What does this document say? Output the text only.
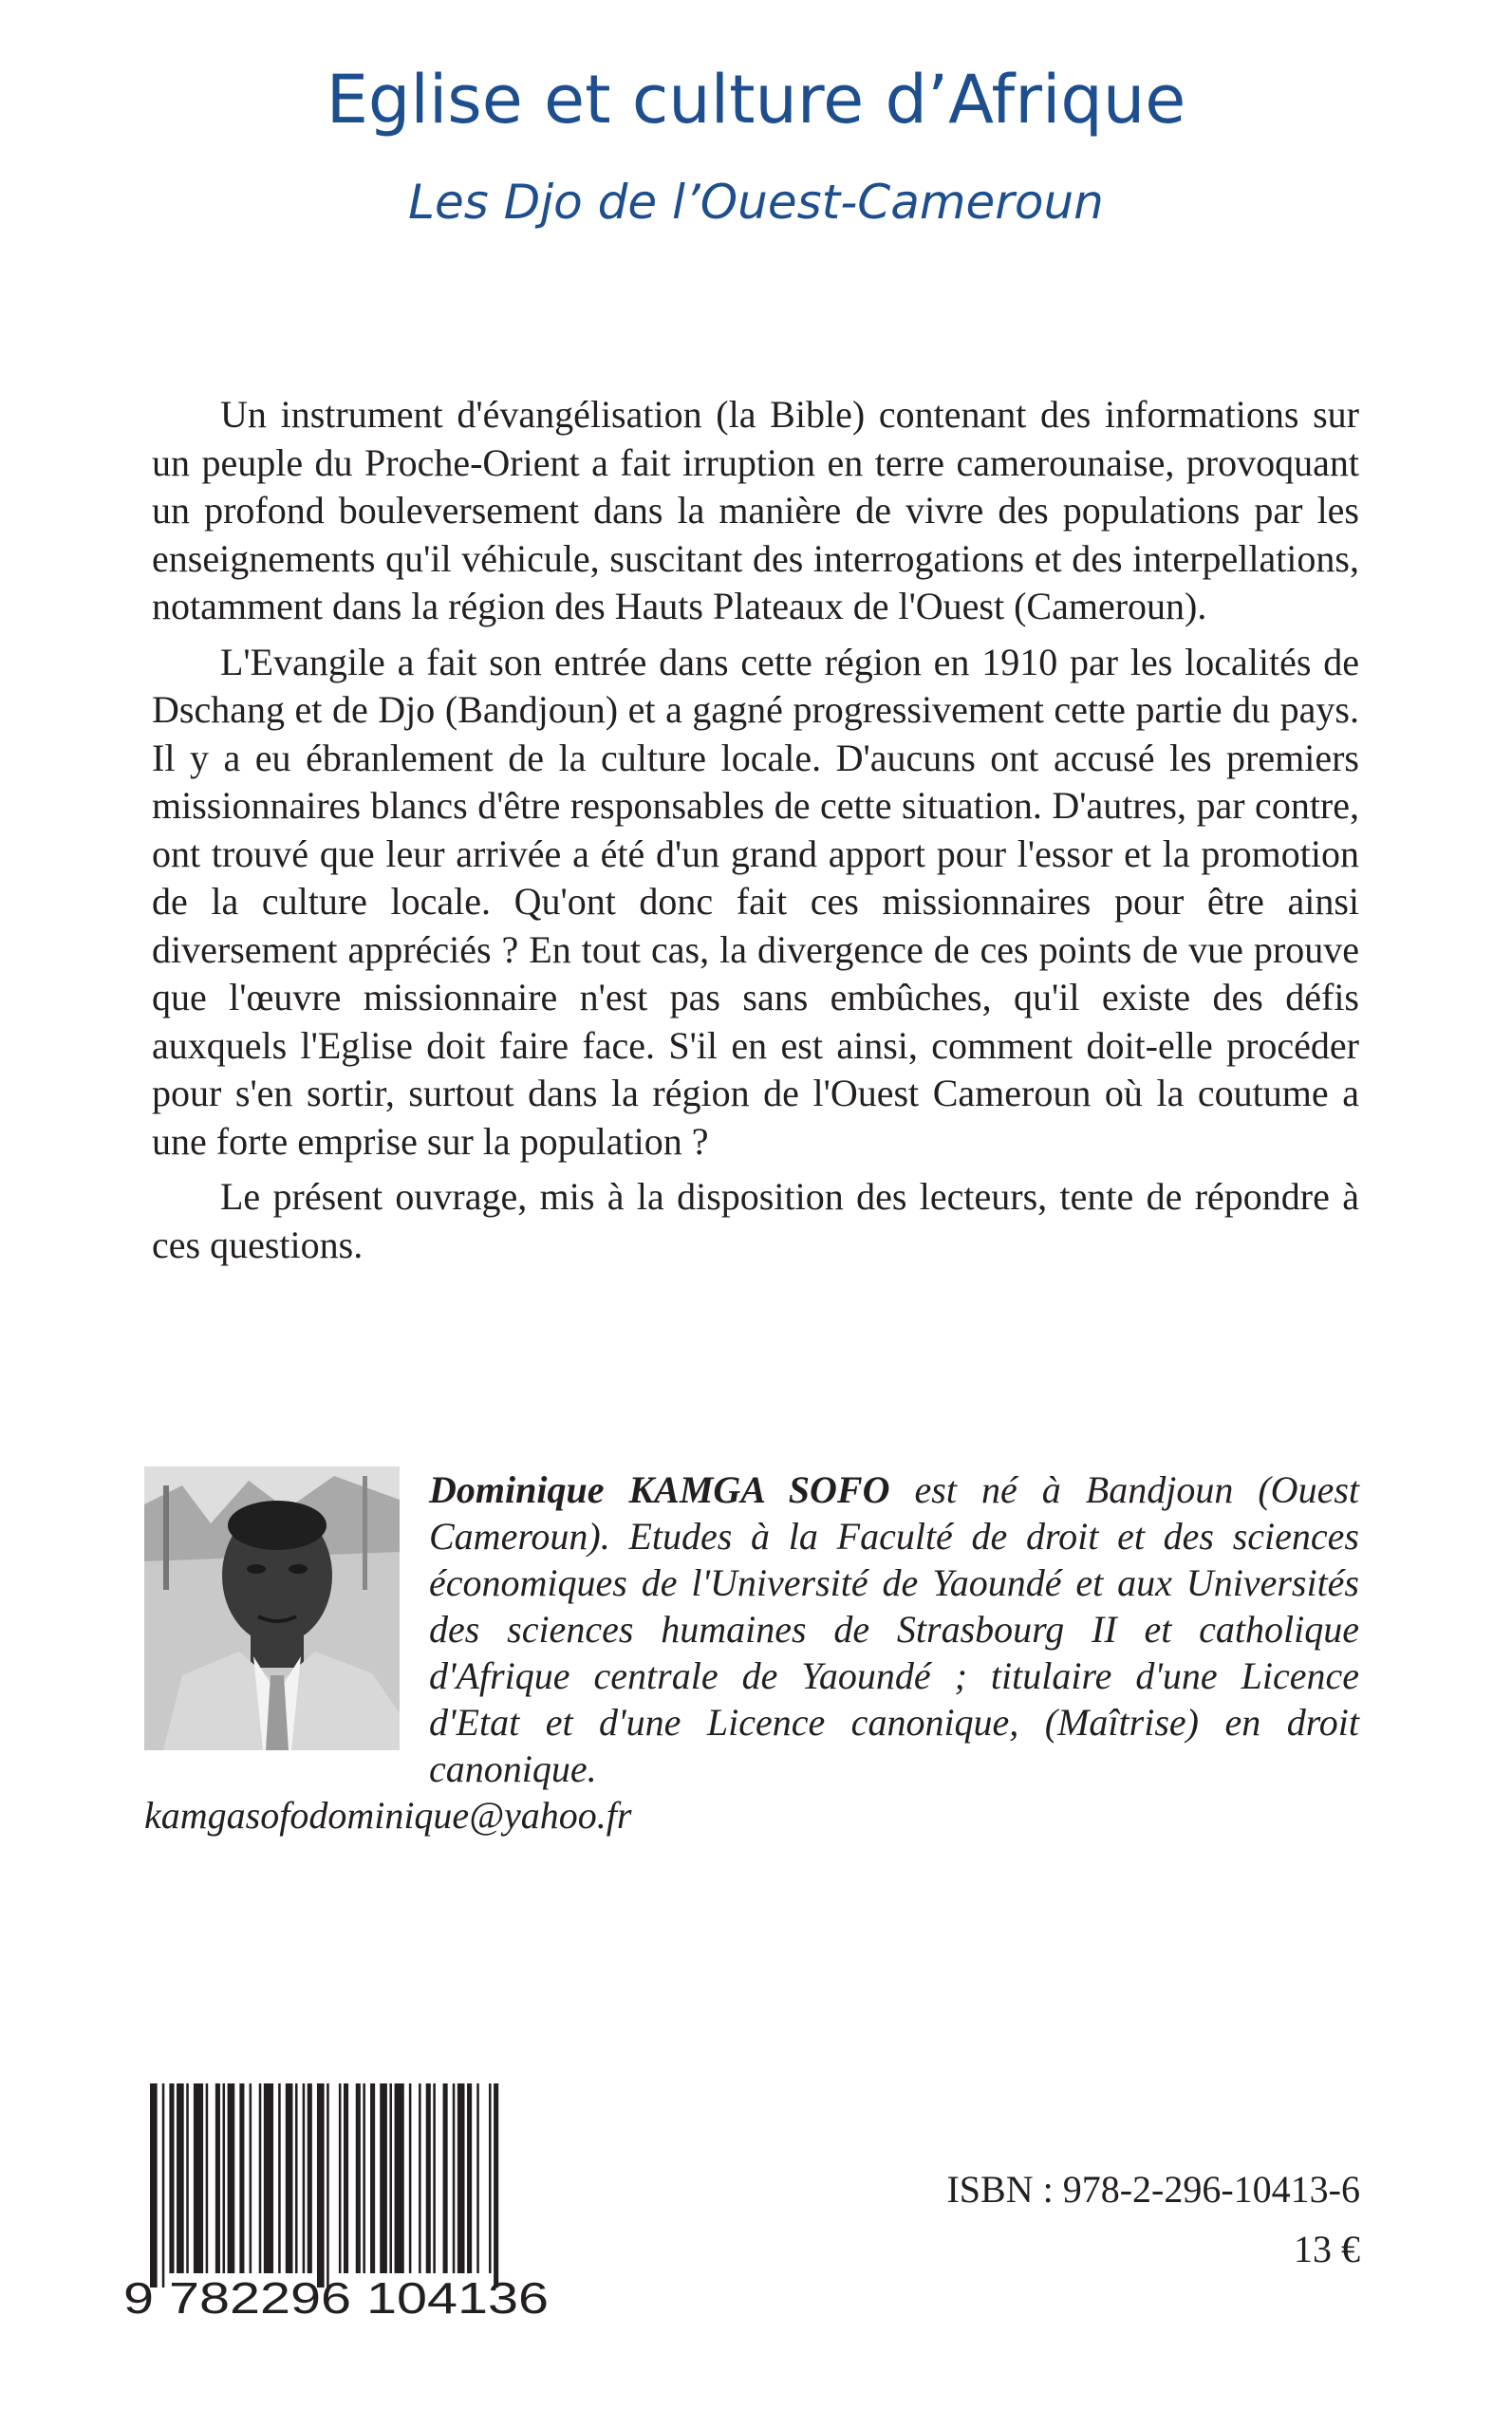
Eglise et culture d’Afrique
Les Djo de l’Ouest-Cameroun

Un instrument d'évangélisation (la Bible) contenant des informations sur un peuple du Proche-Orient a fait irruption en terre camerounaise, provoquant un profond bouleversement dans la manière de vivre des populations par les enseignements qu'il véhicule, suscitant des interrogations et des interpellations, notamment dans la région des Hauts Plateaux de l'Ouest (Cameroun).

L'Evangile a fait son entrée dans cette région en 1910 par les localités de Dschang et de Djo (Bandjoun) et a gagné progressivement cette partie du pays. Il y a eu ébranlement de la culture locale. D'aucuns ont accusé les premiers missionnaires blancs d'être responsables de cette situation. D'autres, par contre, ont trouvé que leur arrivée a été d'un grand apport pour l'essor et la promotion de la culture locale. Qu'ont donc fait ces missionnaires pour être ainsi diversement appréciés ? En tout cas, la divergence de ces points de vue prouve que l'œuvre missionnaire n'est pas sans embûches, qu'il existe des défis auxquels l'Eglise doit faire face. S'il en est ainsi, comment doit-elle procéder pour s'en sortir, surtout dans la région de l'Ouest Cameroun où la coutume a une forte emprise sur la population ?

Le présent ouvrage, mis à la disposition des lecteurs, tente de répondre à ces questions.

Dominique KAMGA SOFO est né à Bandjoun (Ouest Cameroun). Etudes à la Faculté de droit et des sciences économiques de l'Université de Yaoundé et aux Universités des sciences humaines de Strasbourg II et catholique d'Afrique centrale de Yaoundé ; titulaire d'une Licence d'Etat et d'une Licence canonique, (Maîtrise) en droit canonique.
kamgasofodominique@yahoo.fr
9 782296 104136
ISBN : 978-2-296-10413-6
13 €
